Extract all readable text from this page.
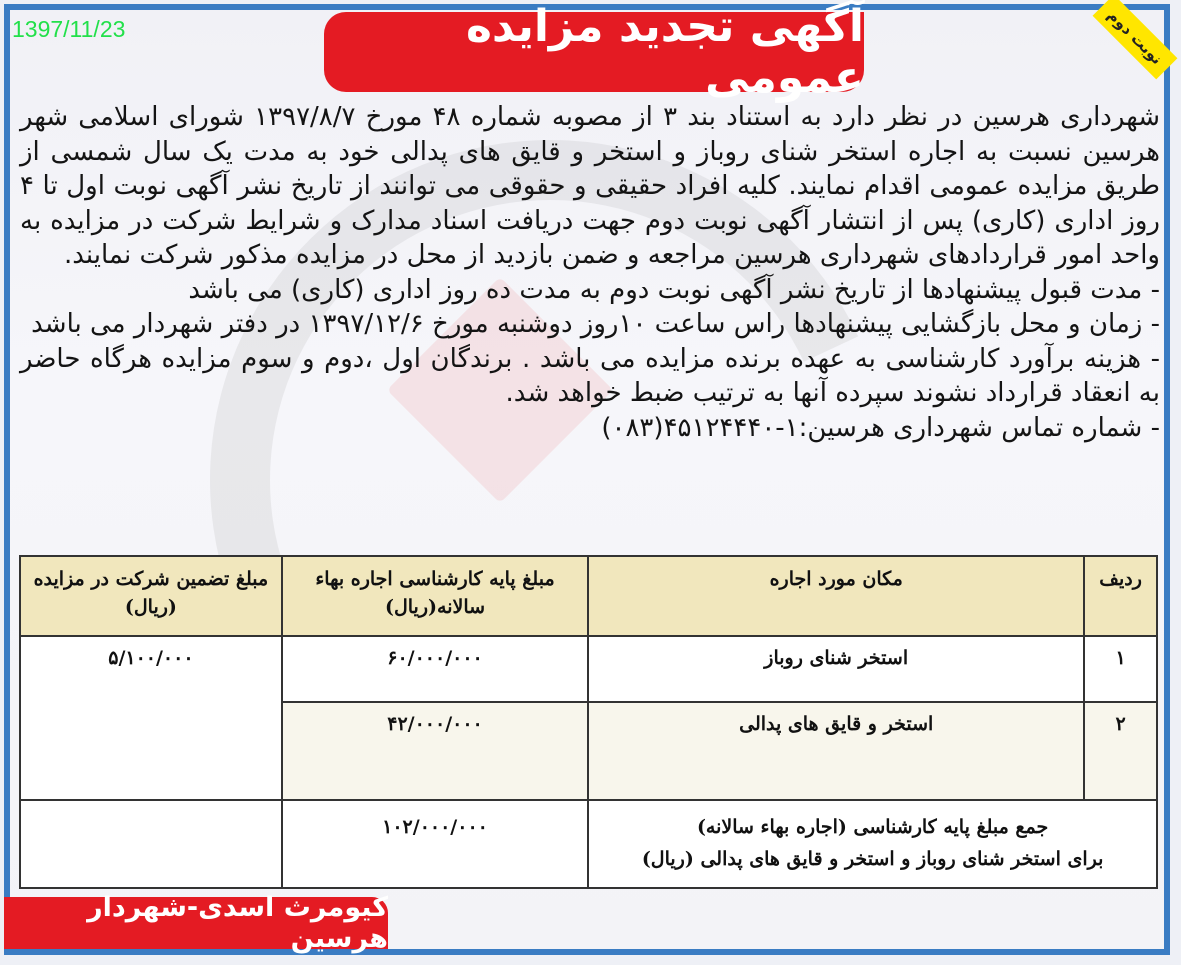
1397/11/23	آگهی تجدید مزایده عمومی
نوبت دوم

شهرداری هرسین در نظر دارد به استناد بند ۳ از مصوبه شماره ۴۸ مورخ ۱۳۹۷/۸/۷ شورای اسلامی شهر هرسین نسبت به اجاره استخر شنای روباز و استخر و قایق های پدالی خود به مدت یک سال شمسی از طریق مزایده عمومی اقدام نمایند. کلیه افراد حقیقی و حقوقی می توانند از تاریخ نشر آگهی نوبت اول تا ۴ روز اداری (کاری) پس از انتشار آگهی نوبت دوم جهت دریافت اسناد مدارک و شرایط شرکت در مزایده به واحد امور قراردادهای شهرداری هرسین مراجعه و ضمن بازدید از محل در مزایده مذکور شرکت نمایند.

- مدت قبول پیشنهادها از تاریخ نشر آگهی نوبت دوم به مدت ده روز اداری (کاری) می باشد

- زمان و محل بازگشایی پیشنهادها راس ساعت ۱۰روز دوشنبه مورخ ۱۳۹۷/۱۲/۶ در دفتر شهردار می باشد

- هزینه برآورد کارشناسی به عهده برنده مزایده می باشد . برندگان اول ،دوم و سوم مزایده هرگاه حاضر به انعقاد قرارداد نشوند سپرده آنها به ترتیب ضبط خواهد شد.

- شماره تماس شهرداری هرسین:۱-۴۵۱۲۴۴۴۰(۰۸۳)

ردیف	مکان مورد اجاره	مبلغ پایه کارشناسی اجاره بهاء سالانه(ریال)	مبلغ تضمین شرکت در مزایده (ریال)
۱	استخر شنای روباز	۶۰/۰۰۰/۰۰۰	۵/۱۰۰/۰۰۰
۲	استخر و قایق های پدالی	۴۲/۰۰۰/۰۰۰	

جمع مبلغ پایه کارشناسی (اجاره بهاء سالانه)
برای استخر شنای روباز و استخر و قایق های پدالی (ریال)		۱۰۲/۰۰۰/۰۰۰	
کیومرث اسدی-شهردار هرسین
